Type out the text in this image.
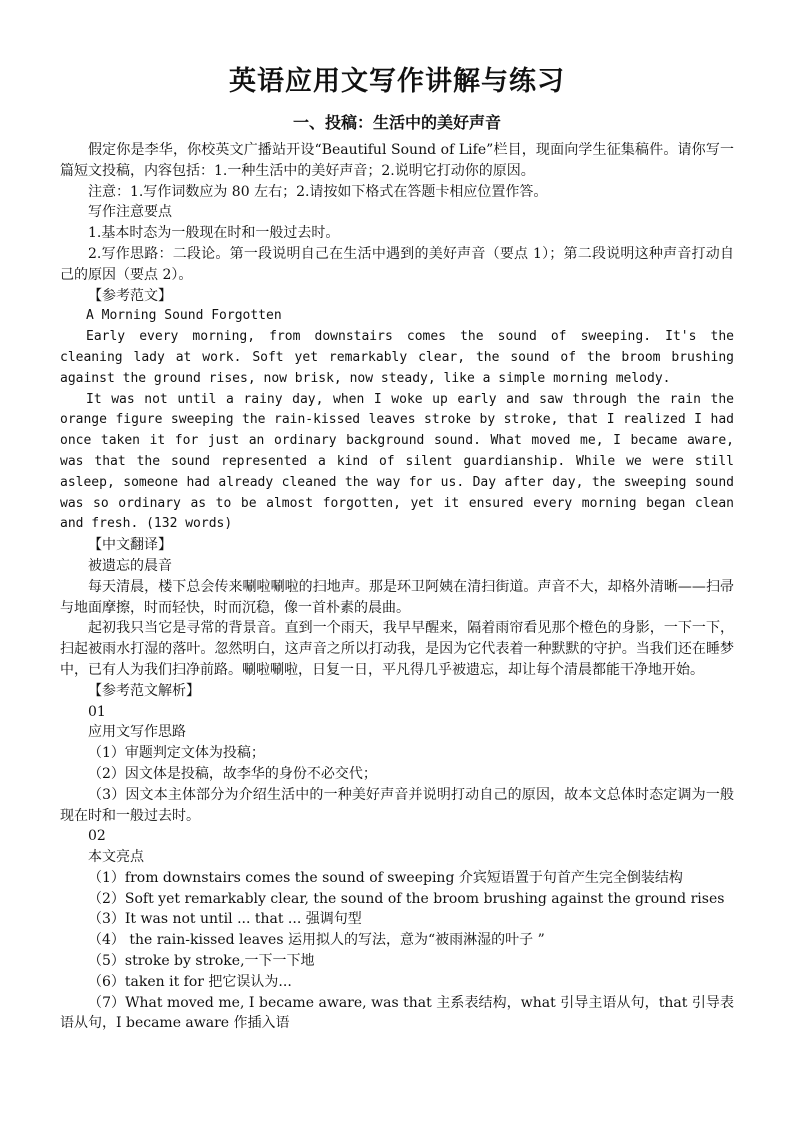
英语应用文写作讲解与练习
一、投稿：生活中的美好声音

假定你是李华，你校英文广播站开设“Beautiful Sound of Life”栏目，现面向学生征集稿件。请你写一篇短文投稿，内容包括：1.一种生活中的美好声音；2.说明它打动你的原因。

注意：1.写作词数应为 80 左右；2.请按如下格式在答题卡相应位置作答。

写作注意要点

1.基本时态为一般现在时和一般过去时。

2.写作思路：二段论。第一段说明自己在生活中遇到的美好声音（要点 1）；第二段说明这种声音打动自己的原因（要点 2）。

【参考范文】

A Morning Sound Forgotten

Early every morning, from downstairs comes the sound of sweeping. It's the cleaning lady at work. Soft yet remarkably clear, the sound of the broom brushing against the ground rises, now brisk, now steady, like a simple morning melody.

It was not until a rainy day, when I woke up early and saw through the rain the orange figure sweeping the rain-kissed leaves stroke by stroke, that I realized I had once taken it for just an ordinary background sound. What moved me, I became aware, was that the sound represented a kind of silent guardianship. While we were still asleep, someone had already cleaned the way for us. Day after day, the sweeping sound was so ordinary as to be almost forgotten, yet it ensured every morning began clean and fresh. (132 words)

【中文翻译】

被遗忘的晨音

每天清晨，楼下总会传来唰啦唰啦的扫地声。那是环卫阿姨在清扫街道。声音不大，却格外清晰——扫帚与地面摩擦，时而轻快，时而沉稳，像一首朴素的晨曲。

起初我只当它是寻常的背景音。直到一个雨天，我早早醒来，隔着雨帘看见那个橙色的身影，一下一下，扫起被雨水打湿的落叶。忽然明白，这声音之所以打动我，是因为它代表着一种默默的守护。当我们还在睡梦中，已有人为我们扫净前路。唰啦唰啦，日复一日，平凡得几乎被遗忘，却让每个清晨都能干净地开始。

【参考范文解析】

01

应用文写作思路

（1）审题判定文体为投稿；

（2）因文体是投稿，故李华的身份不必交代；

（3）因文本主体部分为介绍生活中的一种美好声音并说明打动自己的原因，故本文总体时态定调为一般现在时和一般过去时。

02

本文亮点

（1）from downstairs comes the sound of sweeping 介宾短语置于句首产生完全倒装结构

（2）Soft yet remarkably clear, the sound of the broom brushing against the ground rises

（3）It was not until ... that ... 强调句型

（4） the rain-kissed leaves 运用拟人的写法，意为“被雨淋湿的叶子 ”

（5）stroke by stroke,一下一下地

（6）taken it for 把它误认为...

（7）What moved me, I became aware, was that 主系表结构，what 引导主语从句，that 引导表语从句，I became aware 作插入语
